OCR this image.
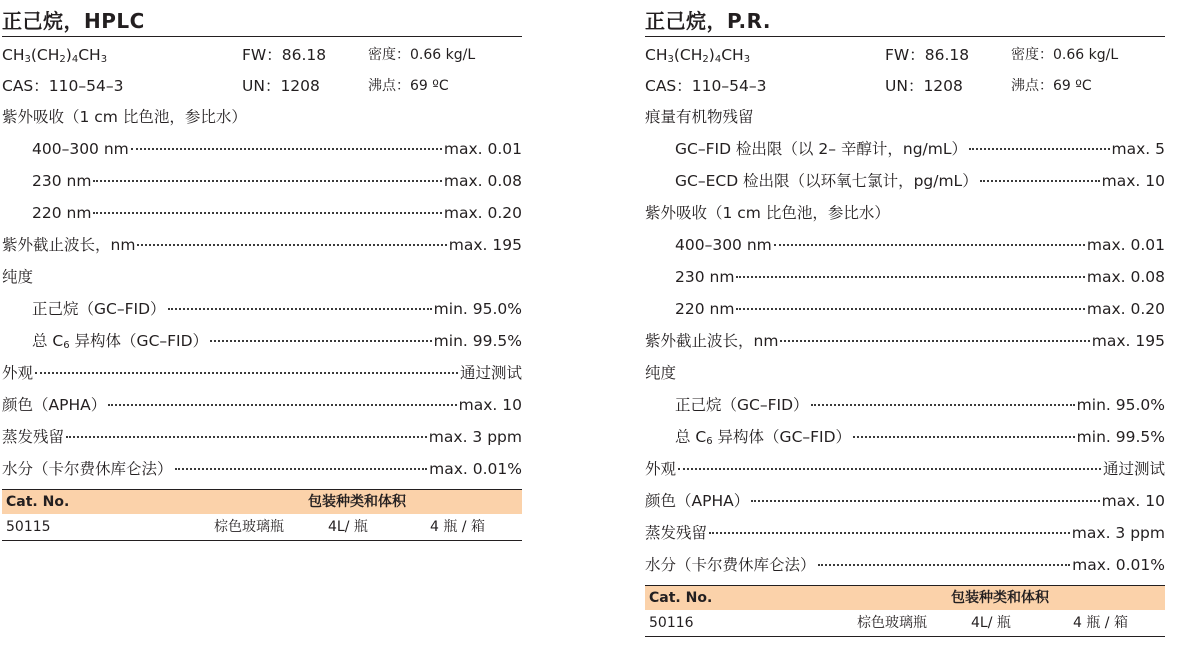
正己烷，HPLC
$CH_3(CH_2)_4CH_3$	FW：86.18	密度：0.66 kg/L
CAS：110–54–3	UN：1208	沸点：69 ºC
紫外吸收（1 cm 比色池，参比水）
400–300 nm	max. 0.01
230 nm	max. 0.08
220 nm	max. 0.20
紫外截止波长，nm	max. 195
纯度
正己烷（GC–FID）	min. 95.0%
总 $C_6$ 异构体（GC–FID）	min. 99.5%
外观	通过测试
颜色（APHA）	max. 10
蒸发残留	max. 3 ppm
水分（卡尔费休库仑法）	max. 0.01%
Cat. No.	包装种类和体积
50115	棕色玻璃瓶	4L/ 瓶	4 瓶 / 箱
正己烷，P.R.
$CH_3(CH_2)_4CH_3$	FW：86.18	密度：0.66 kg/L
CAS：110–54–3	UN：1208	沸点：69 ºC
痕量有机物残留
GC–FID 检出限（以 2– 辛醇计，ng/mL）	max. 5
GC–ECD 检出限（以环氧七氯计，pg/mL）	max. 10
紫外吸收（1 cm 比色池，参比水）
400–300 nm	max. 0.01
230 nm	max. 0.08
220 nm	max. 0.20
紫外截止波长，nm	max. 195
纯度
正己烷（GC–FID）	min. 95.0%
总 $C_6$ 异构体（GC–FID）	min. 99.5%
外观	通过测试
颜色（APHA）	max. 10
蒸发残留	max. 3 ppm
水分（卡尔费休库仑法）	max. 0.01%
Cat. No.	包装种类和体积
50116	棕色玻璃瓶	4L/ 瓶	4 瓶 / 箱
